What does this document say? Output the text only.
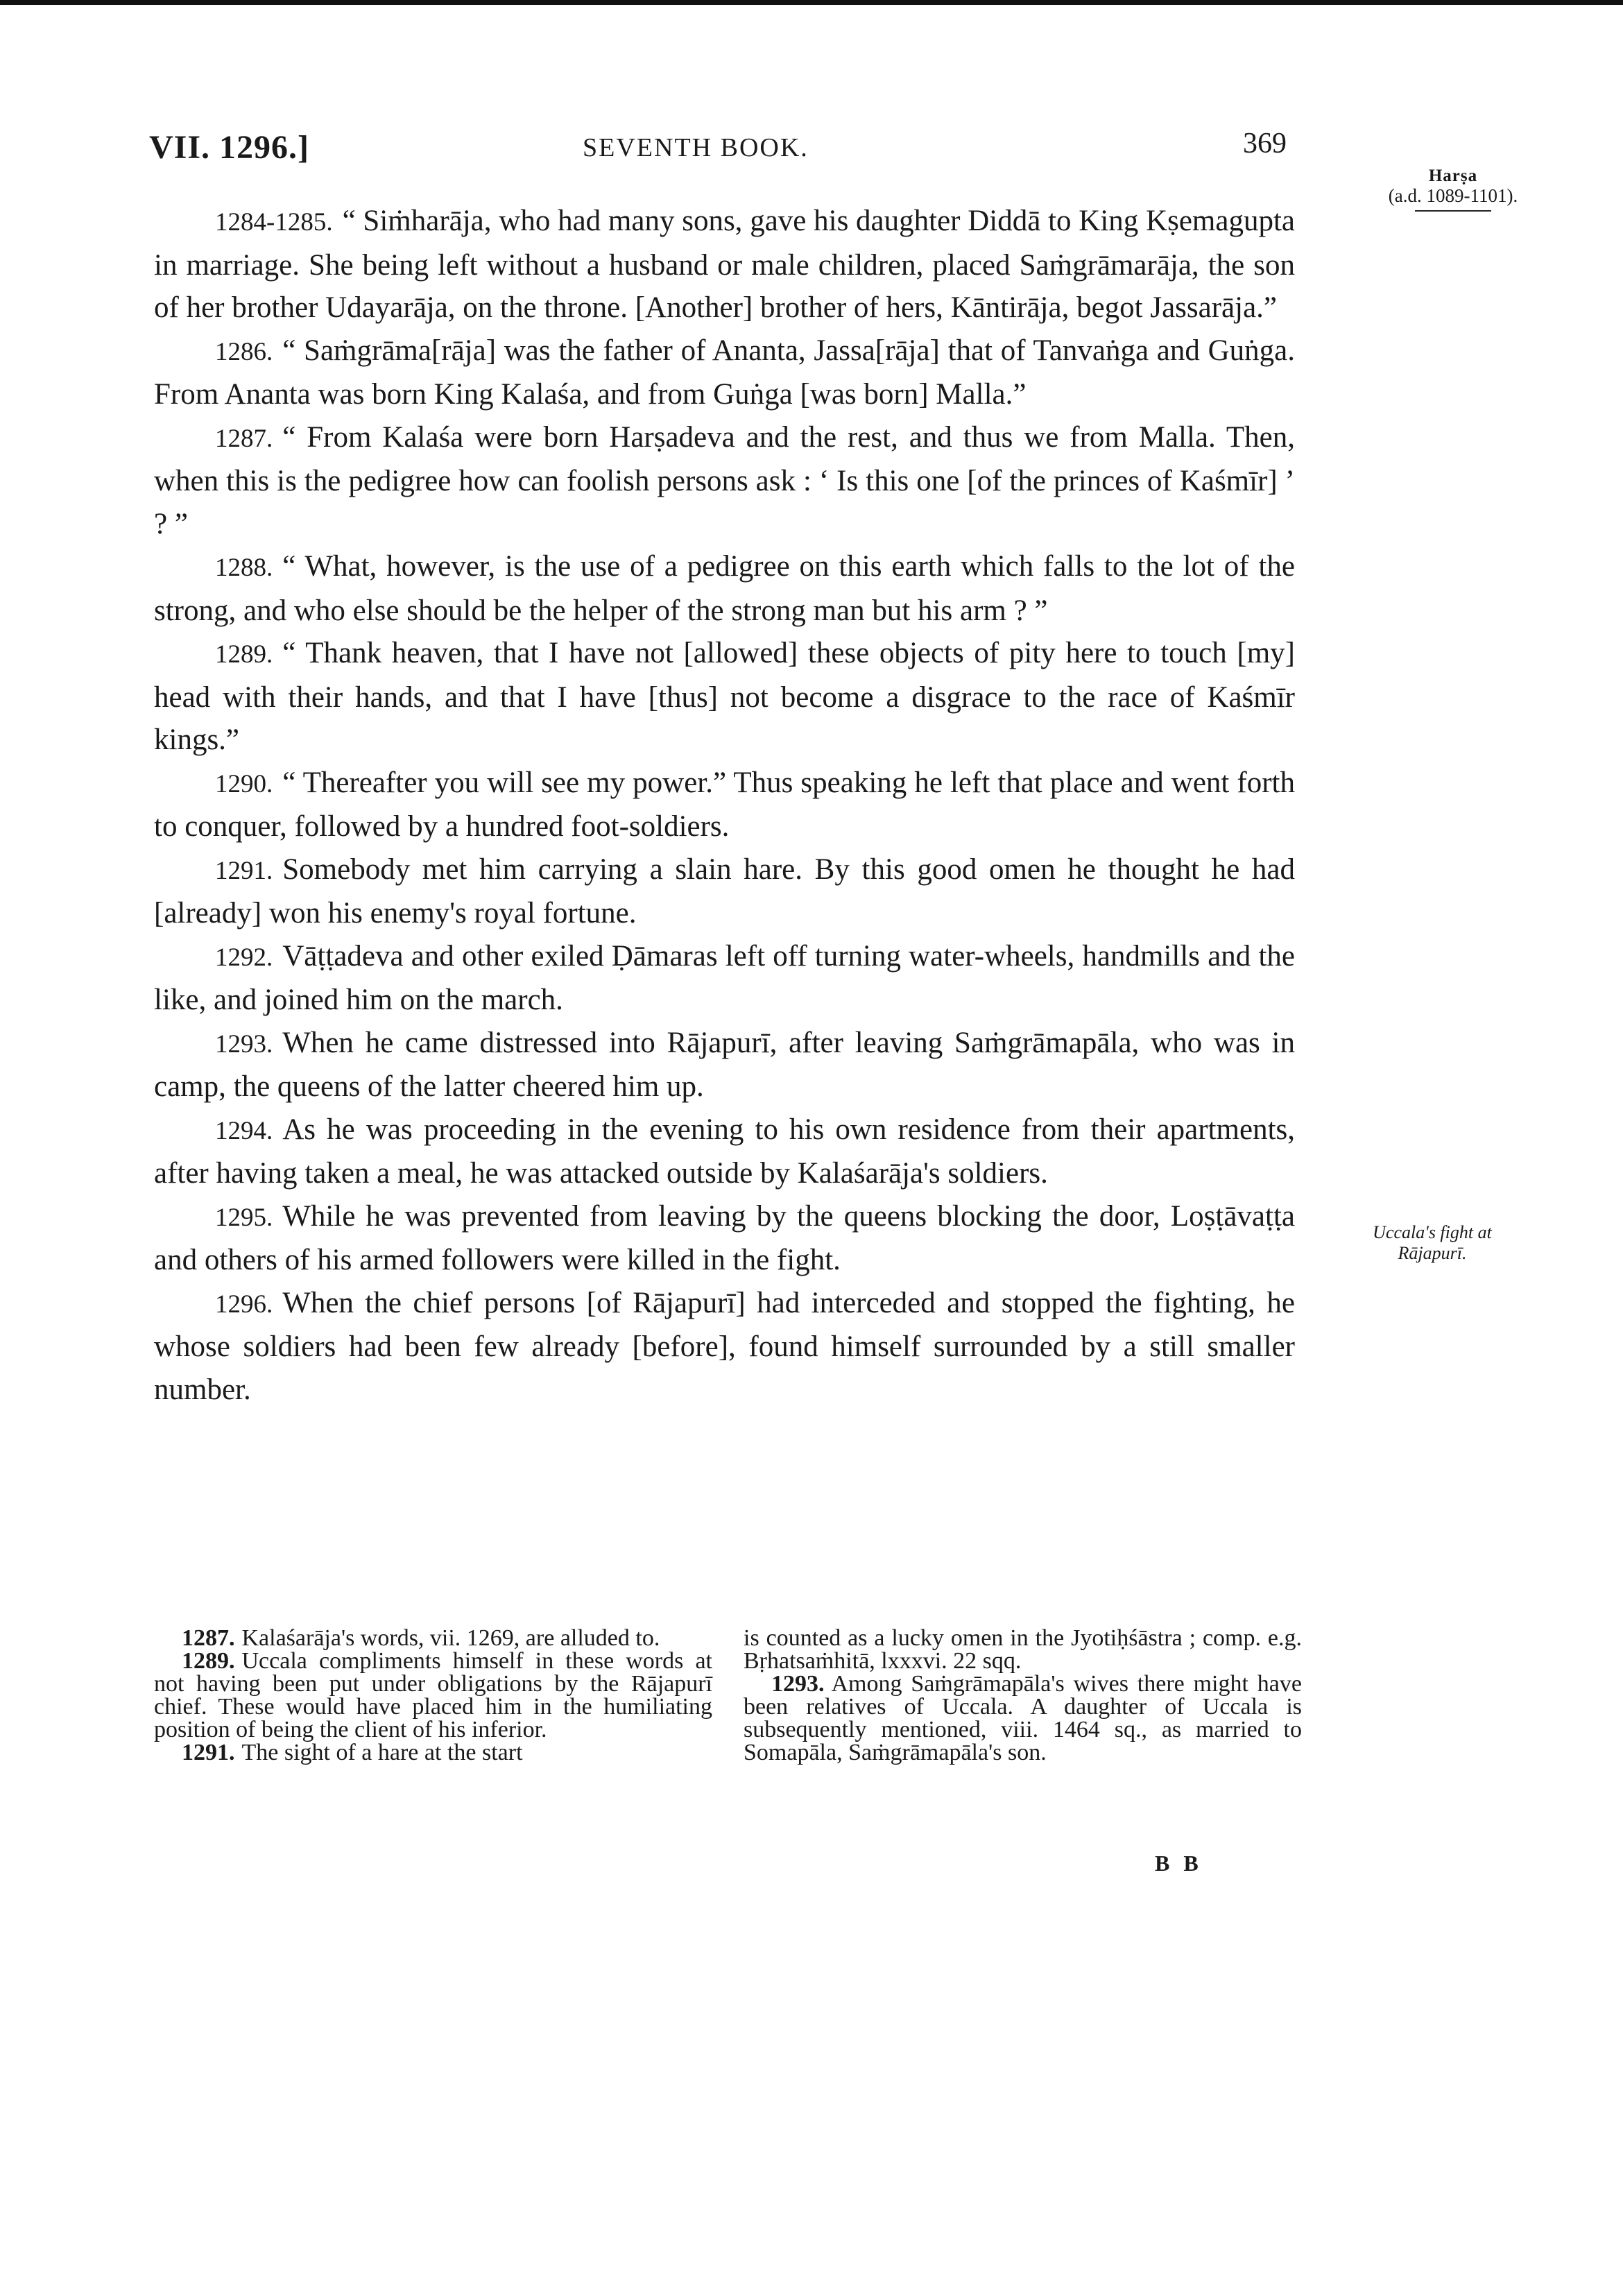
VII. 1296.]	SEVENTH BOOK.	369
Harṣa
(a.d. 1089-1101).
Uccala's fight at Rājapurī.

1284-1285. “ Siṁharāja, who had many sons, gave his daughter Diddā to King Kṣemagupta in marriage. She being left without a husband or male children, placed Saṁgrāmarāja, the son of her brother Udayarāja, on the throne. [Another] brother of hers, Kāntirāja, begot Jassarāja.”

1286. “ Saṁgrāma[rāja] was the father of Ananta, Jassa[rāja] that of Tanvaṅga and Guṅga. From Ananta was born King Kalaśa, and from Guṅga [was born] Malla.”

1287. “ From Kalaśa were born Harṣadeva and the rest, and thus we from Malla. Then, when this is the pedigree how can foolish persons ask : ‘ Is this one [of the princes of Kaśmīr] ’ ? ”

1288. “ What, however, is the use of a pedigree on this earth which falls to the lot of the strong, and who else should be the helper of the strong man but his arm ? ”

1289. “ Thank heaven, that I have not [allowed] these objects of pity here to touch [my] head with their hands, and that I have [thus] not become a disgrace to the race of Kaśmīr kings.”

1290. “ Thereafter you will see my power.” Thus speaking he left that place and went forth to conquer, followed by a hundred foot-soldiers.

1291. Somebody met him carrying a slain hare. By this good omen he thought he had [already] won his enemy's royal fortune.

1292. Vāṭṭadeva and other exiled Ḍāmaras left off turning water-wheels, handmills and the like, and joined him on the march.

1293. When he came distressed into Rājapurī, after leaving Saṁgrāmapāla, who was in camp, the queens of the latter cheered him up.

1294. As he was proceeding in the evening to his own residence from their apartments, after having taken a meal, he was attacked outside by Kalaśarāja's soldiers.

1295. While he was prevented from leaving by the queens blocking the door, Loṣṭāvaṭṭa and others of his armed followers were killed in the fight.

1296. When the chief persons [of Rājapurī] had interceded and stopped the fighting, he whose soldiers had been few already [before], found himself surrounded by a still smaller number.

1287. Kalaśarāja's words, vii. 1269, are alluded to.

1289. Uccala compliments himself in these words at not having been put under obligations by the Rājapurī chief. These would have placed him in the humiliating position of being the client of his inferior.

1291. The sight of a hare at the start

is counted as a lucky omen in the Jyotiḥśāstra ; comp. e.g. Bṛhatsaṁhitā, lxxxvi. 22 sqq.

1293. Among Saṁgrāmapāla's wives there might have been relatives of Uccala. A daughter of Uccala is subsequently mentioned, viii. 1464 sq., as married to Somapāla, Saṁgrāmapāla's son.

B B
